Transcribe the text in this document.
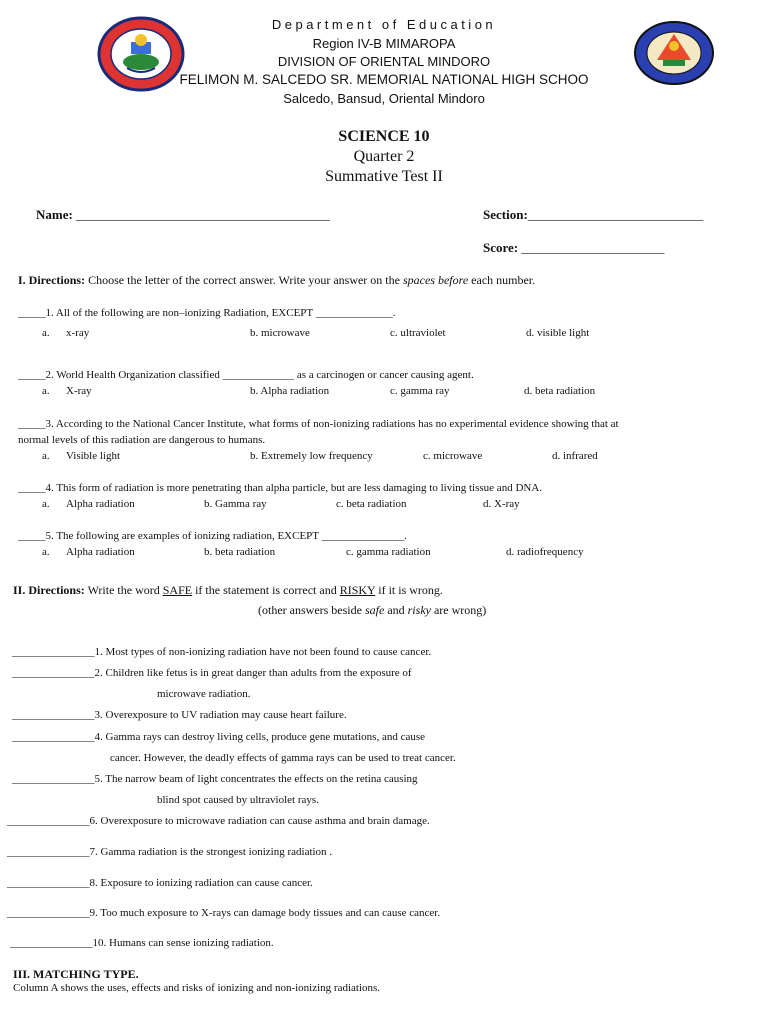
Department of Education
Region IV-B MIMAROPA
DIVISION OF ORIENTAL MINDORO
FELIMON M. SALCEDO SR. MEMORIAL NATIONAL HIGH SCHOO
Salcedo, Bansud, Oriental Mindoro
SCIENCE 10
Quarter 2
Summative Test II
Name: _______________________________________	Section:___________________________
Score: ______________________
I. Directions: Choose the letter of the correct answer. Write your answer on the spaces before each number.
_____1. All of the following are non–ionizing Radiation, EXCEPT ______________.
a. x-ray	b. microwave	c. ultraviolet	d. visible light
_____2. World Health Organization classified _____________ as a carcinogen or cancer causing agent.
a. X-ray	b. Alpha radiation	c. gamma ray	d. beta radiation
_____3. According to the National Cancer Institute, what forms of non-ionizing radiations has no experimental evidence showing that at
normal levels of this radiation are dangerous to humans.
a. Visible light	b. Extremely low frequency	c. microwave	d. infrared
_____4. This form of radiation is more penetrating than alpha particle, but are less damaging to living tissue and DNA.
a. Alpha radiation	b. Gamma ray	c. beta radiation	d. X-ray
_____5. The following are examples of ionizing radiation, EXCEPT _______________.
a. Alpha radiation	b. beta radiation	c. gamma radiation	d. radiofrequency
II. Directions: Write the word SAFE if the statement is correct and RISKY if it is wrong.
(other answers beside safe and risky are wrong)
_______________1. Most types of non-ionizing radiation have not been found to cause cancer.
_______________2. Children like fetus is in great danger than adults from the exposure of
microwave radiation.
_______________3. Overexposure to UV radiation may cause heart failure.
_______________4. Gamma rays can destroy living cells, produce gene mutations, and cause
cancer. However, the deadly effects of gamma rays can be used to treat cancer.
_______________5. The narrow beam of light concentrates the effects on the retina causing
blind spot caused by ultraviolet rays.
_______________6. Overexposure to microwave radiation can cause asthma and brain damage.
_______________7. Gamma radiation is the strongest ionizing radiation .
_______________8. Exposure to ionizing radiation can cause cancer.
_______________9. Too much exposure to X-rays can damage body tissues and can cause cancer.
_______________10. Humans can sense ionizing radiation.
III. MATCHING TYPE.
Column A shows the uses, effects and risks of ionizing and non-ionizing radiations.
